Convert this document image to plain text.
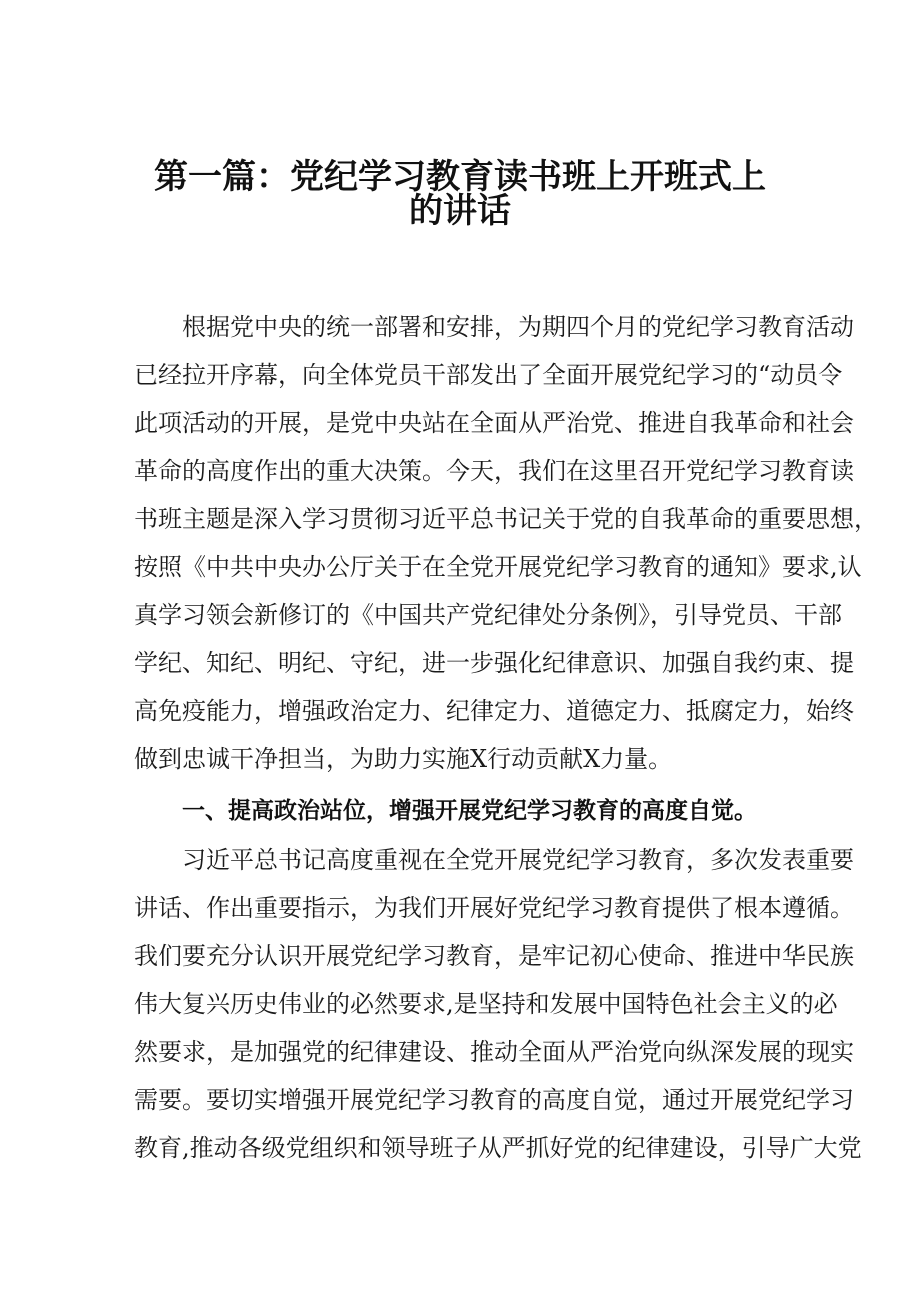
第一篇：党纪学习教育读书班上开班式上
的讲话
根据党中央的统一部署和安排，为期四个月的党纪学习教育活动
已经拉开序幕，向全体党员干部发出了全面开展党纪学习的“动员令
此项活动的开展，是党中央站在全面从严治党、推进自我革命和社会
革命的高度作出的重大决策。今天，我们在这里召开党纪学习教育读
书班主题是深入学习贯彻习近平总书记关于党的自我革命的重要思想，
按照《中共中央办公厅关于在全党开展党纪学习教育的通知》要求,认
真学习领会新修订的《中国共产党纪律处分条例》，引导党员、干部
学纪、知纪、明纪、守纪，进一步强化纪律意识、加强自我约束、提
高免疫能力，增强政治定力、纪律定力、道德定力、抵腐定力，始终
做到忠诚干净担当，为助力实施X行动贡献X力量。
一、提高政治站位，增强开展党纪学习教育的高度自觉。
习近平总书记高度重视在全党开展党纪学习教育，多次发表重要
讲话、作出重要指示，为我们开展好党纪学习教育提供了根本遵循。
我们要充分认识开展党纪学习教育，是牢记初心使命、推进中华民族
伟大复兴历史伟业的必然要求,是坚持和发展中国特色社会主义的必
然要求，是加强党的纪律建设、推动全面从严治党向纵深发展的现实
需要。要切实增强开展党纪学习教育的高度自觉，通过开展党纪学习
教育,推动各级党组织和领导班子从严抓好党的纪律建设，引导广大党
